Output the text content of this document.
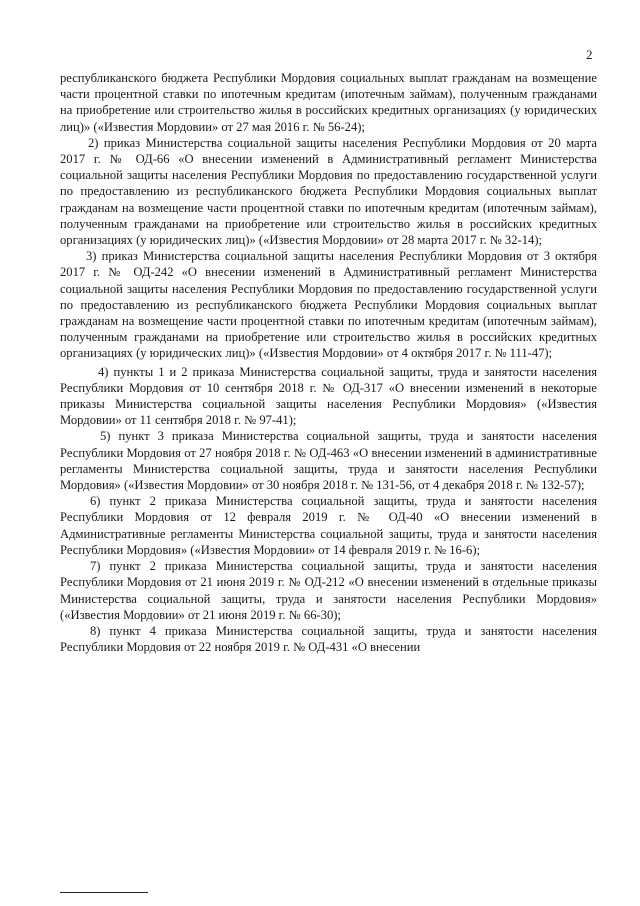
2

республиканского бюджета Республики Мордовия социальных выплат гражданам на возмещение части процентной ставки по ипотечным кредитам (ипотечным займам), полученным гражданами на приобретение или строительство жилья в российских кредитных организациях (у юридических лиц)» («Известия Мордовии» от 27 мая 2016 г. № 56-24);

2) приказ Министерства социальной защиты населения Республики Мордовия от 20 марта 2017 г. № ОД-66 «О внесении изменений в Административный регламент Министерства социальной защиты населения Республики Мордовия по предоставлению государственной услуги по предоставлению из республиканского бюджета Республики Мордовия социальных выплат гражданам на возмещение части процентной ставки по ипотечным кредитам (ипотечным займам), полученным гражданами на приобретение или строительство жилья в российских кредитных организациях (у юридических лиц)» («Известия Мордовии» от 28 марта 2017 г. № 32-14);

3) приказ Министерства социальной защиты населения Республики Мордовия от 3 октября 2017 г. № ОД-242 «О внесении изменений в Административный регламент Министерства социальной защиты населения Республики Мордовия по предоставлению государственной услуги по предоставлению из республиканского бюджета Республики Мордовия социальных выплат гражданам на возмещение части процентной ставки по ипотечным кредитам (ипотечным займам), полученным гражданами на приобретение или строительство жилья в российских кредитных организациях (у юридических лиц)» («Известия Мордовии» от 4 октября 2017 г. № 111-47);

4) пункты 1 и 2 приказа Министерства социальной защиты, труда и занятости населения Республики Мордовия от 10 сентября 2018 г. № ОД-317 «О внесении изменений в некоторые приказы Министерства социальной защиты населения Республики Мордовия» («Известия Мордовии» от 11 сентября 2018 г. № 97-41);

5) пункт 3 приказа Министерства социальной защиты, труда и занятости населения Республики Мордовия от 27 ноября 2018 г. № ОД-463 «О внесении изменений в административные регламенты Министерства социальной защиты, труда и занятости населения Республики Мордовия» («Известия Мордовии» от 30 ноября 2018 г. № 131-56, от 4 декабря 2018 г. № 132-57);

6) пункт 2 приказа Министерства социальной защиты, труда и занятости населения Республики Мордовия от 12 февраля 2019 г. № ОД-40 «О внесении изменений в Административные регламенты Министерства социальной защиты, труда и занятости населения Республики Мордовия» («Известия Мордовии» от 14 февраля 2019 г. № 16-6);

7) пункт 2 приказа Министерства социальной защиты, труда и занятости населения Республики Мордовия от 21 июня 2019 г. № ОД-212 «О внесении изменений в отдельные приказы Министерства социальной защиты, труда и занятости населения Республики Мордовия» («Известия Мордовии» от 21 июня 2019 г. № 66-30);

8) пункт 4 приказа Министерства социальной защиты, труда и занятости населения Республики Мордовия от 22 ноября 2019 г. № ОД-431 «О внесении
